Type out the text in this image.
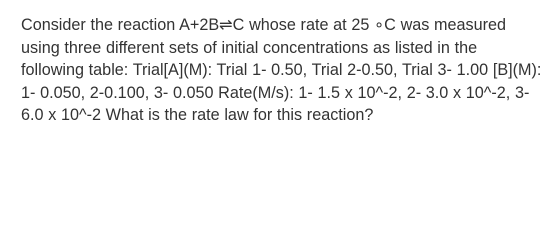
Consider the reaction A+2B⇌C whose rate at 25 ∘C was measured using three different sets of initial concentrations as listed in the following table: Trial[A](M): Trial 1- 0.50, Trial 2-0.50, Trial 3- 1.00 [B](M): 1- 0.050, 2-0.100, 3- 0.050 Rate(M/s): 1- 1.5 x 10^-2, 2- 3.0 x 10^-2, 3- 6.0 x 10^-2 What is the rate law for this reaction?
